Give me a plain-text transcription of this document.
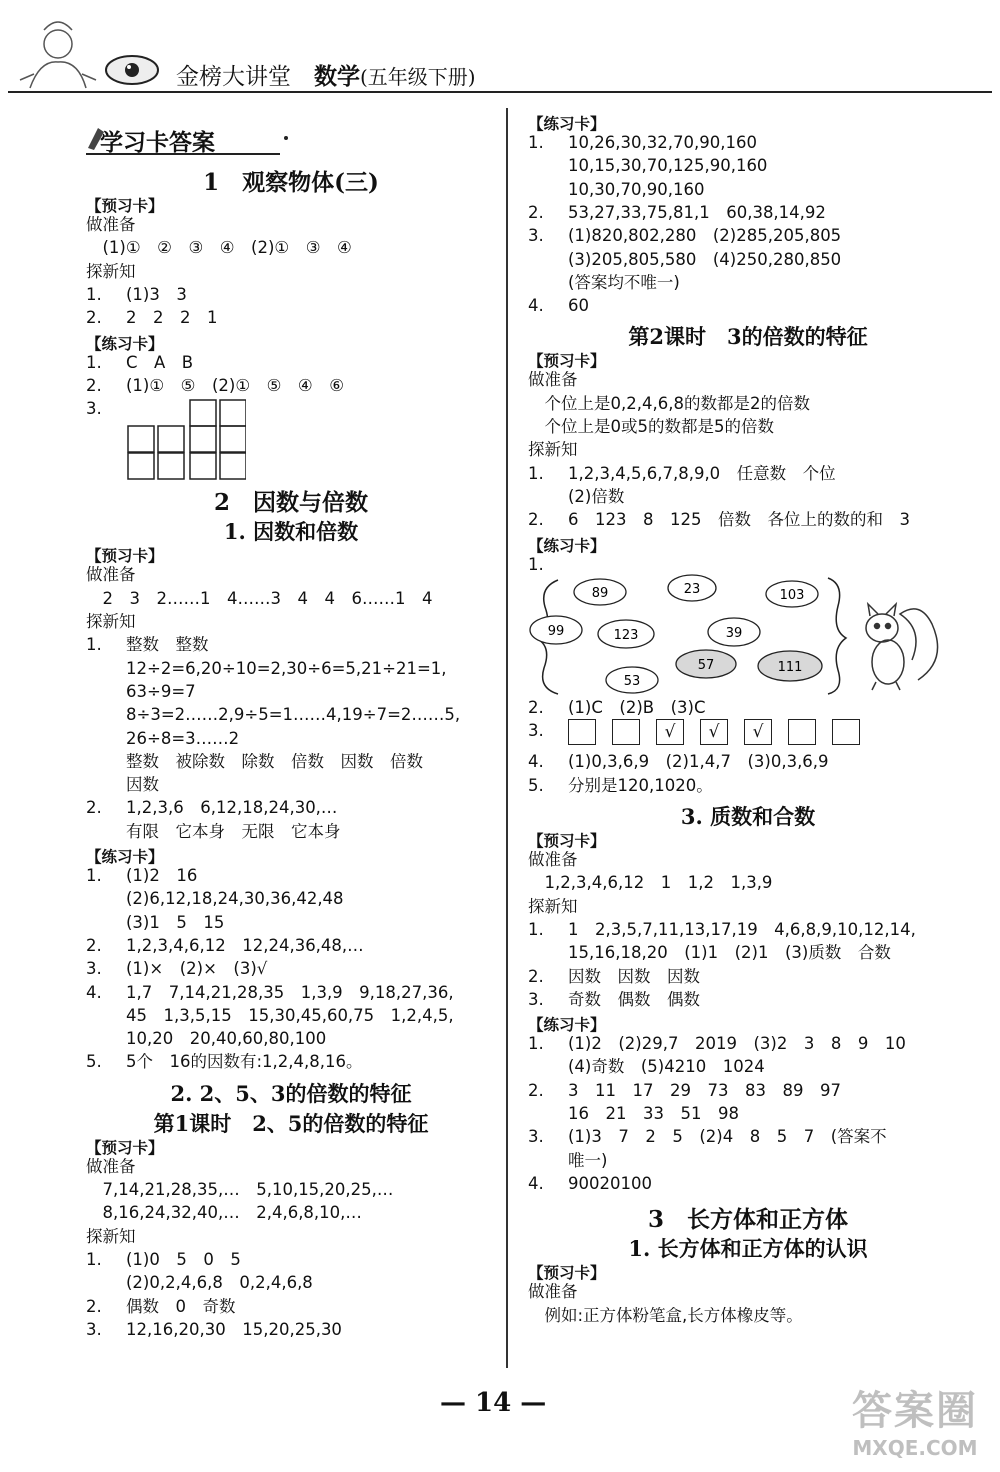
金榜大讲堂　 数学(五年级下册)
学习卡答案
1　观察物体(三)
【预习卡】
做准备
　(1)①　②　③　④　(2)①　③　④
探新知
1. (1)3　3
2. 2　2　2　1
【练习卡】
1. C　A　B
2. (1)①　⑤　(2)①　⑤　④　⑥
3.
2　因数与倍数
1. 因数和倍数
【预习卡】
做准备
　2　3　2……1　4……3　4　4　6……1　4
探新知
1. 整数　整数
12÷2=6,20÷10=2,30÷6=5,21÷21=1,
63÷9=7
8÷3=2……2,9÷5=1……4,19÷7=2……5,
26÷8=3……2
整数　被除数　除数　倍数　因数　倍数
因数
2. 1,2,3,6　6,12,18,24,30,…
有限　它本身　无限　它本身
【练习卡】
1. (1)2　16
(2)6,12,18,24,30,36,42,48
(3)1　5　15
2. 1,2,3,4,6,12　12,24,36,48,…
3. (1)×　(2)×　(3)√
4. 1,7　7,14,21,28,35　1,3,9　9,18,27,36,
45　1,3,5,15　15,30,45,60,75　1,2,4,5,
10,20　20,40,60,80,100
5. 5个　16的因数有:1,2,4,8,16。
2. 2、5、3的倍数的特征
第1课时　2、5的倍数的特征
【预习卡】
做准备
　7,14,21,28,35,…　5,10,15,20,25,…
　8,16,24,32,40,…　2,4,6,8,10,…
探新知
1. (1)0　5　0　5
(2)0,2,4,6,8　0,2,4,6,8
2. 偶数　0　奇数
3. 12,16,20,30　15,20,25,30
【练习卡】
1. 10,26,30,32,70,90,160
10,15,30,70,125,90,160
10,30,70,90,160
2. 53,27,33,75,81,1　60,38,14,92
3. (1)820,802,280　(2)285,205,805
(3)205,805,580　(4)250,280,850
(答案均不唯一)
4. 60
第2课时　3的倍数的特征
【预习卡】
做准备
　个位上是0,2,4,6,8的数都是2的倍数
　个位上是0或5的数都是5的倍数
探新知
1. 1,2,3,4,5,6,7,8,9,0　任意数　个位
(2)倍数
2. 6　123　8　125　倍数　各位上的数的和　3
【练习卡】
89	23	103
99	123	39
57	111
53
1.
2. (1)C　(2)B　(3)C
√ √ √
3.
4. (1)0,3,6,9　(2)1,4,7　(3)0,3,6,9
5. 分别是120,1020。
3. 质数和合数
【预习卡】
做准备
　1,2,3,4,6,12　1　1,2　1,3,9
探新知
1. 1　2,3,5,7,11,13,17,19　4,6,8,9,10,12,14,
15,16,18,20　(1)1　(2)1　(3)质数　合数
2. 因数　因数　因数
3. 奇数　偶数　偶数
【练习卡】
1. (1)2　(2)29,7　2019　(3)2　3　8　9　10
(4)奇数　(5)4210　1024
2. 3　11　17　29　73　83　89　97
16　21　33　51　98
3. (1)3　7　2　5　(2)4　8　5　7　(答案不
唯一)
4. 90020100
3　长方体和正方体
1. 长方体和正方体的认识
【预习卡】
做准备
　例如:正方体粉笔盒,长方体橡皮等。
— 14 —	答案圈
MXQE.COM
